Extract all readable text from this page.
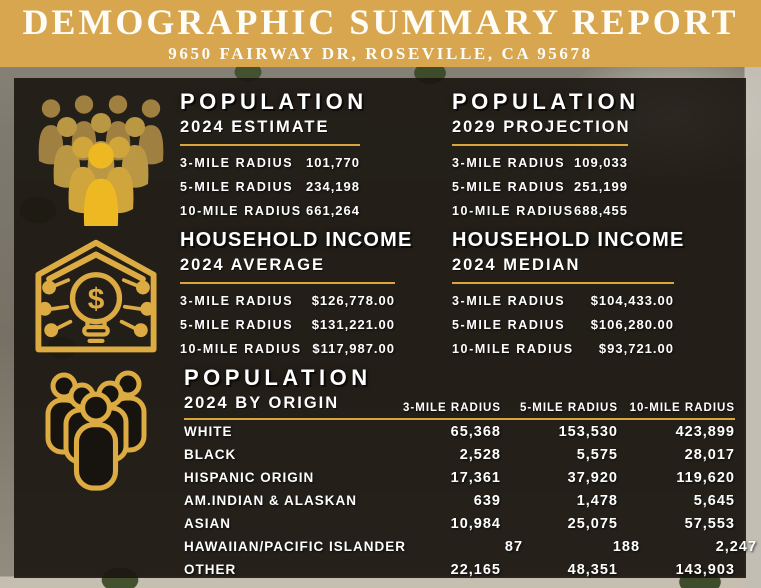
DEMOGRAPHIC SUMMARY REPORT
9650 FAIRWAY DR, ROSEVILLE, CA 95678
$
POPULATION
2024 ESTIMATE
3-MILE RADIUS 101,770
5-MILE RADIUS 234,198
10-MILE RADIUS 661,264
POPULATION
2029 PROJECTION
3-MILE RADIUS 109,033
5-MILE RADIUS 251,199
10-MILE RADIUS 688,455
HOUSEHOLD INCOME
2024 AVERAGE
3-MILE RADIUS $126,778.00
5-MILE RADIUS $131,221.00
10-MILE RADIUS $117,987.00
HOUSEHOLD INCOME
2024 MEDIAN
3-MILE RADIUS $104,433.00
5-MILE RADIUS $106,280.00
10-MILE RADIUS $93,721.00
POPULATION
2024 BY ORIGIN	3-MILE RADIUS	5-MILE RADIUS	10-MILE RADIUS
WHITE	65,368	153,530	423,899
BLACK	2,528	5,575	28,017
HISPANIC ORIGIN	17,361	37,920	119,620
AM.INDIAN & ALASKAN	639	1,478	5,645
ASIAN	10,984	25,075	57,553
HAWAIIAN/PACIFIC ISLANDER	87	188	2,247
OTHER	22,165	48,351	143,903
